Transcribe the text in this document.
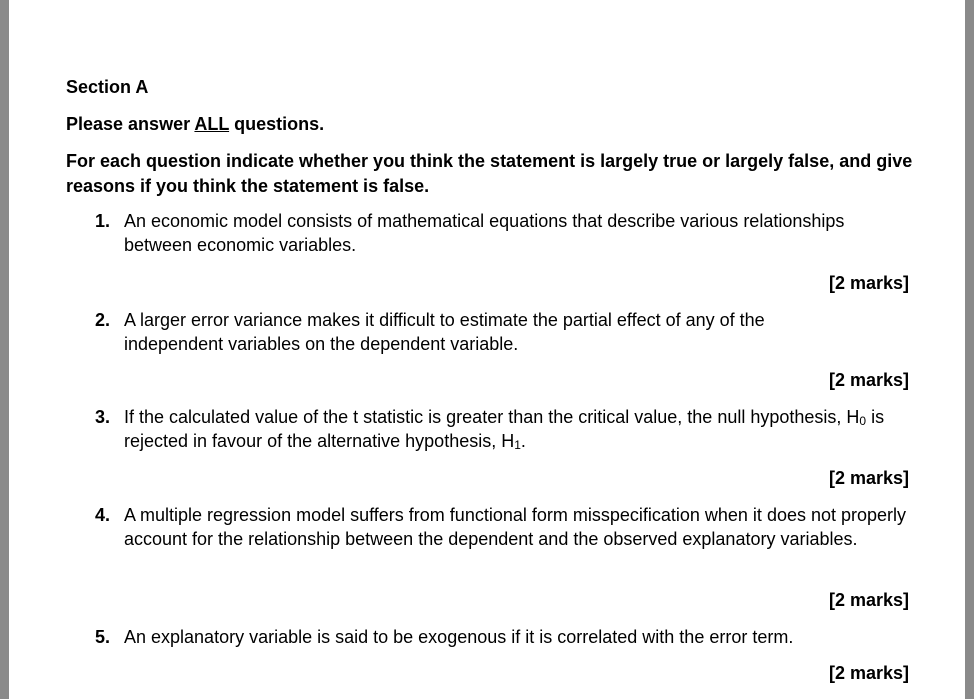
Section A
Please answer ALL questions.
For each question indicate whether you think the statement is largely true or largely false, and give reasons if you think the statement is false.
1. An economic model consists of mathematical equations that describe various relationships between economic variables.
[2 marks]
2. A larger error variance makes it difficult to estimate the partial effect of any of the independent variables on the dependent variable.
[2 marks]
3. If the calculated value of the t statistic is greater than the critical value, the null hypothesis, $H_0$ is rejected in favour of the alternative hypothesis, $H_1$.
[2 marks]
4. A multiple regression model suffers from functional form misspecification when it does not properly account for the relationship between the dependent and the observed explanatory variables.
[2 marks]
5. An explanatory variable is said to be exogenous if it is correlated with the error term.
[2 marks]
